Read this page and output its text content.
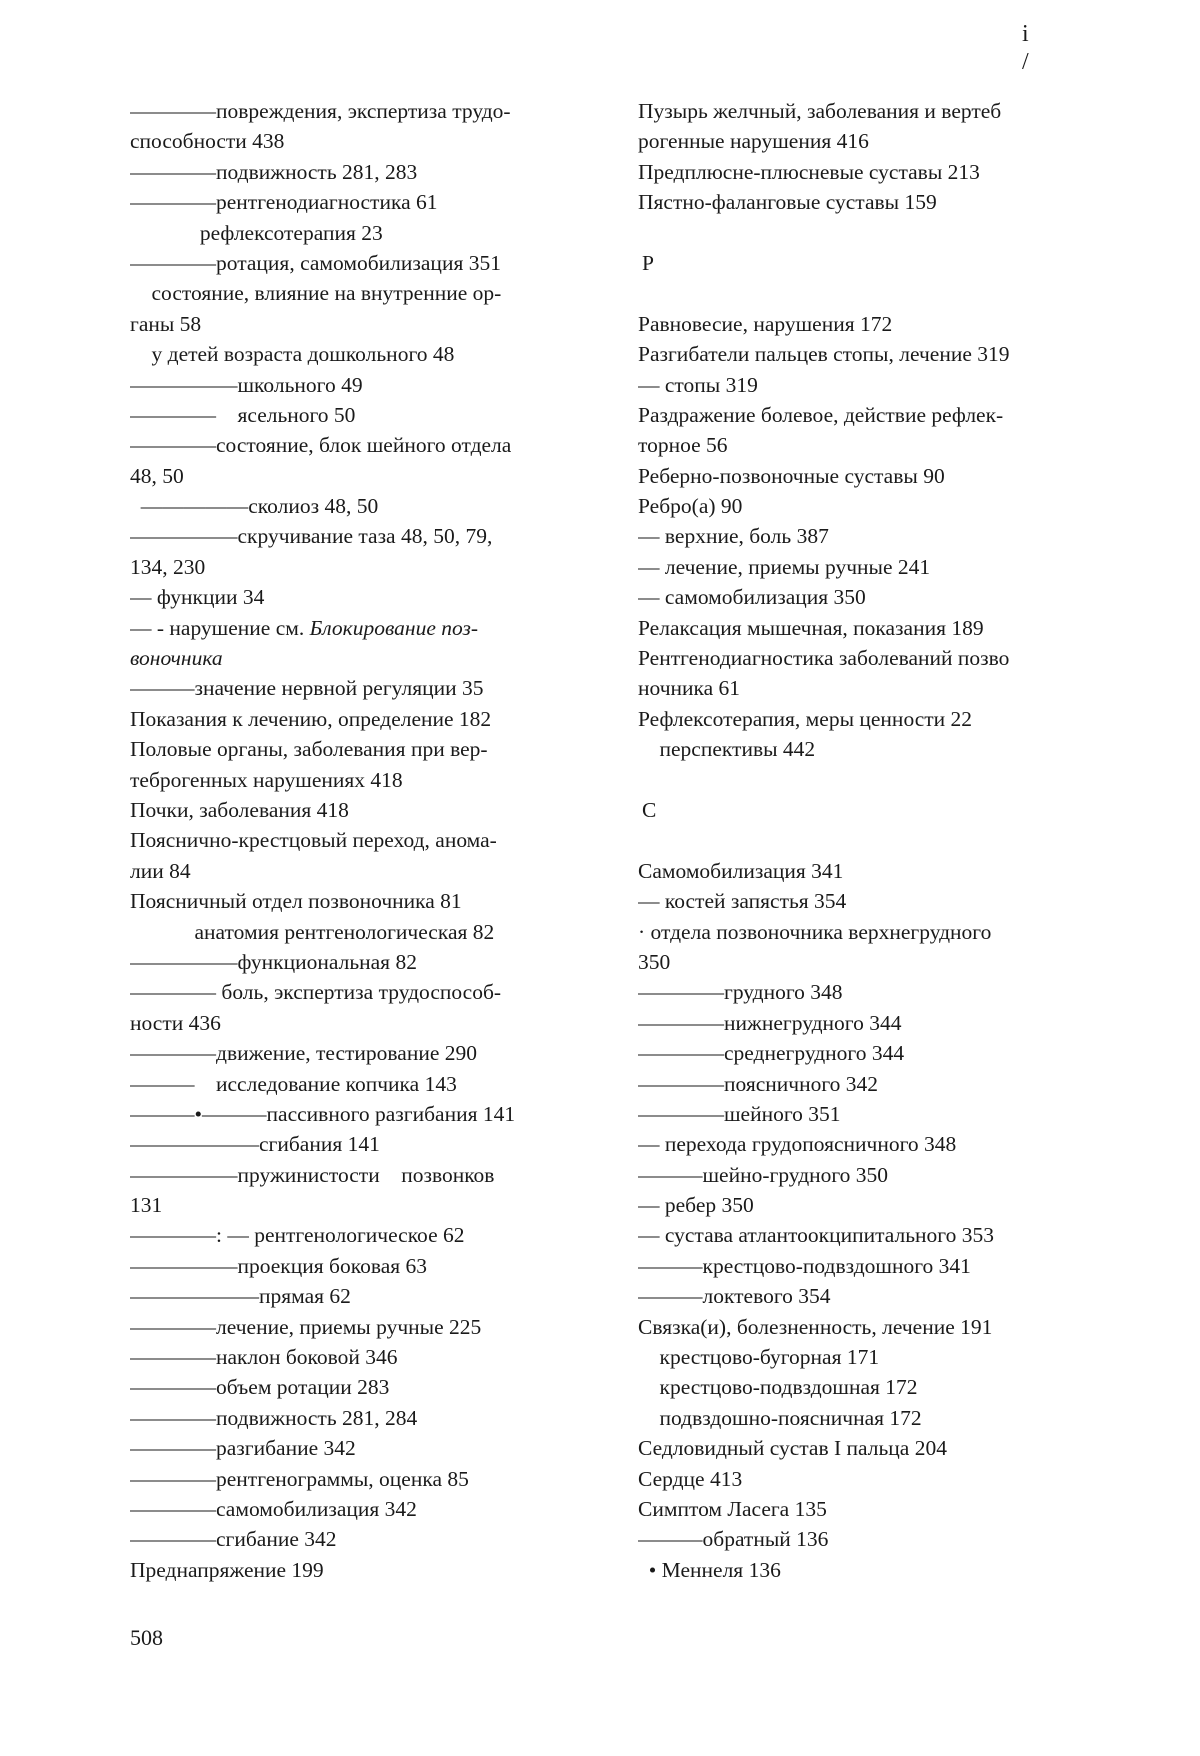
i
/
————повреждения, экспертиза трудо-
способности 438
————подвижность 281, 283
————рентгенодиагностика 61
рефлексотерапия 23
————ротация, самомобилизация 351
состояние, влияние на внутренние ор-
ганы 58
у детей возраста дошкольного 48
—————школьного 49
————    ясельного 50
————состояние, блок шейного отдела
48, 50
—————сколиоз 48, 50
—————скручивание таза 48, 50, 79,
134, 230
— функции 34
— - нарушение см. Блокирование поз-
воночника
———значение нервной регуляции 35
Показания к лечению, определение 182
Половые органы, заболевания при вер-
теброгенных нарушениях 418
Почки, заболевания 418
Пояснично-крестцовый переход, анома-
лии 84
Поясничный отдел позвоночника 81
анатомия рентгенологическая 82
—————функциональная 82
———— боль, экспертиза трудоспособ-
ности 436
————движение, тестирование 290
———    исследование копчика 143
———•———пассивного разгибания 141
——————сгибания 141
—————пружинистости    позвонков
131
————: — рентгенологическое 62
—————проекция боковая 63
——————прямая 62
————лечение, приемы ручные 225
————наклон боковой 346
————объем ротации 283
————подвижность 281, 284
————разгибание 342
————рентгенограммы, оценка 85
————самомобилизация 342
————сгибание 342
Преднапряжение 199
Пузырь желчный, заболевания и вертеб
рогенные нарушения 416
Предплюсне-плюсневые суставы 213
Пястно-фаланговые суставы 159
Р
Равновесие, нарушения 172
Разгибатели пальцев стопы, лечение 319
— стопы 319
Раздражение болевое, действие рефлек-
торное 56
Реберно-позвоночные суставы 90
Ребро(а) 90
— верхние, боль 387
— лечение, приемы ручные 241
— самомобилизация 350
Релаксация мышечная, показания 189
Рентгенодиагностика заболеваний позво
ночника 61
Рефлексотерапия, меры ценности 22
перспективы 442
С
Самомобилизация 341
— костей запястья 354
· отдела позвоночника верхнегрудного
350
————грудного 348
————нижнегрудного 344
————среднегрудного 344
————поясничного 342
————шейного 351
— перехода грудопоясничного 348
———шейно-грудного 350
— ребер 350
— сустава атлантоокципитального 353
———крестцово-подвздошного 341
———локтевого 354
Связка(и), болезненность, лечение 191
крестцово-бугорная 171
крестцово-подвздошная 172
подвздошно-поясничная 172
Седловидный сустав I пальца 204
Сердце 413
Симптом Ласега 135
———обратный 136
• Меннеля 136
508
